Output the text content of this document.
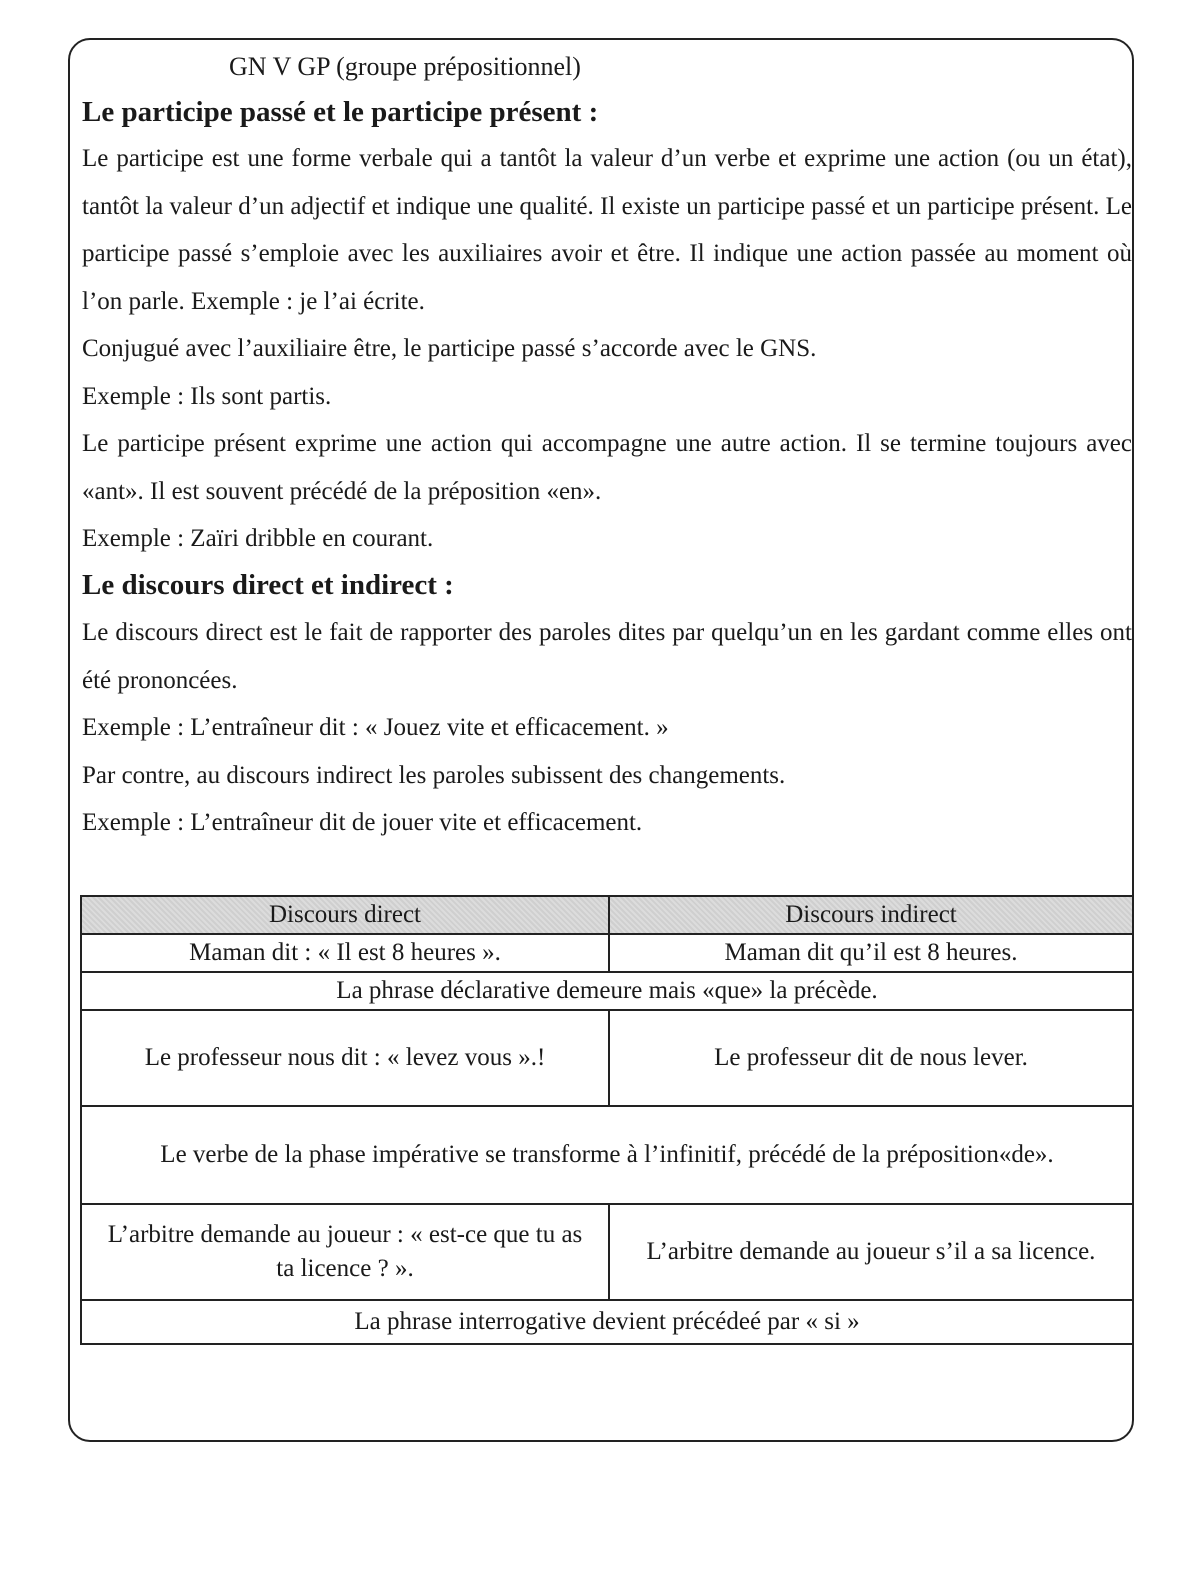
GN V GP (groupe prépositionnel)
Le participe passé et le participe présent :

Le participe est une forme verbale qui a tantôt la valeur d’un verbe et exprime une action (ou un état), tantôt la valeur d’un adjectif et indique une qualité. Il existe un participe passé et un participe présent. Le participe passé s’emploie avec les auxiliaires avoir et être. Il indique une action passée au moment où l’on parle. Exemple : je l’ai écrite.

Conjugué avec l’auxiliaire être, le participe passé s’accorde avec le GNS.

Exemple : Ils sont partis.

Le participe présent exprime une action qui accompagne une autre action. Il se termine toujours avec «ant». Il est souvent précédé de la préposition «en».

Exemple : Zaïri dribble en courant.

Le discours direct et indirect :

Le discours direct est le fait de rapporter des paroles dites par quelqu’un en les gardant comme elles ont été prononcées.

Exemple : L’entraîneur dit : « Jouez vite et efficacement. »

Par contre, au discours indirect les paroles subissent des changements.

Exemple : L’entraîneur dit de jouer vite et efficacement.

Discours direct	Discours indirect
Maman dit : « Il est 8 heures ».	Maman dit qu’il est 8 heures.
La phrase déclarative demeure mais «que» la précède.	
Le professeur nous dit : « levez vous ».!	Le professeur dit de nous lever.
Le verbe de la phase impérative se transforme à l’infinitif, précédé de la préposition«de».	
L’arbitre demande au joueur : « est-ce que tu as ta licence ? ».	L’arbitre demande au joueur s’il a sa licence.
La phrase interrogative devient précédeé par « si »	
